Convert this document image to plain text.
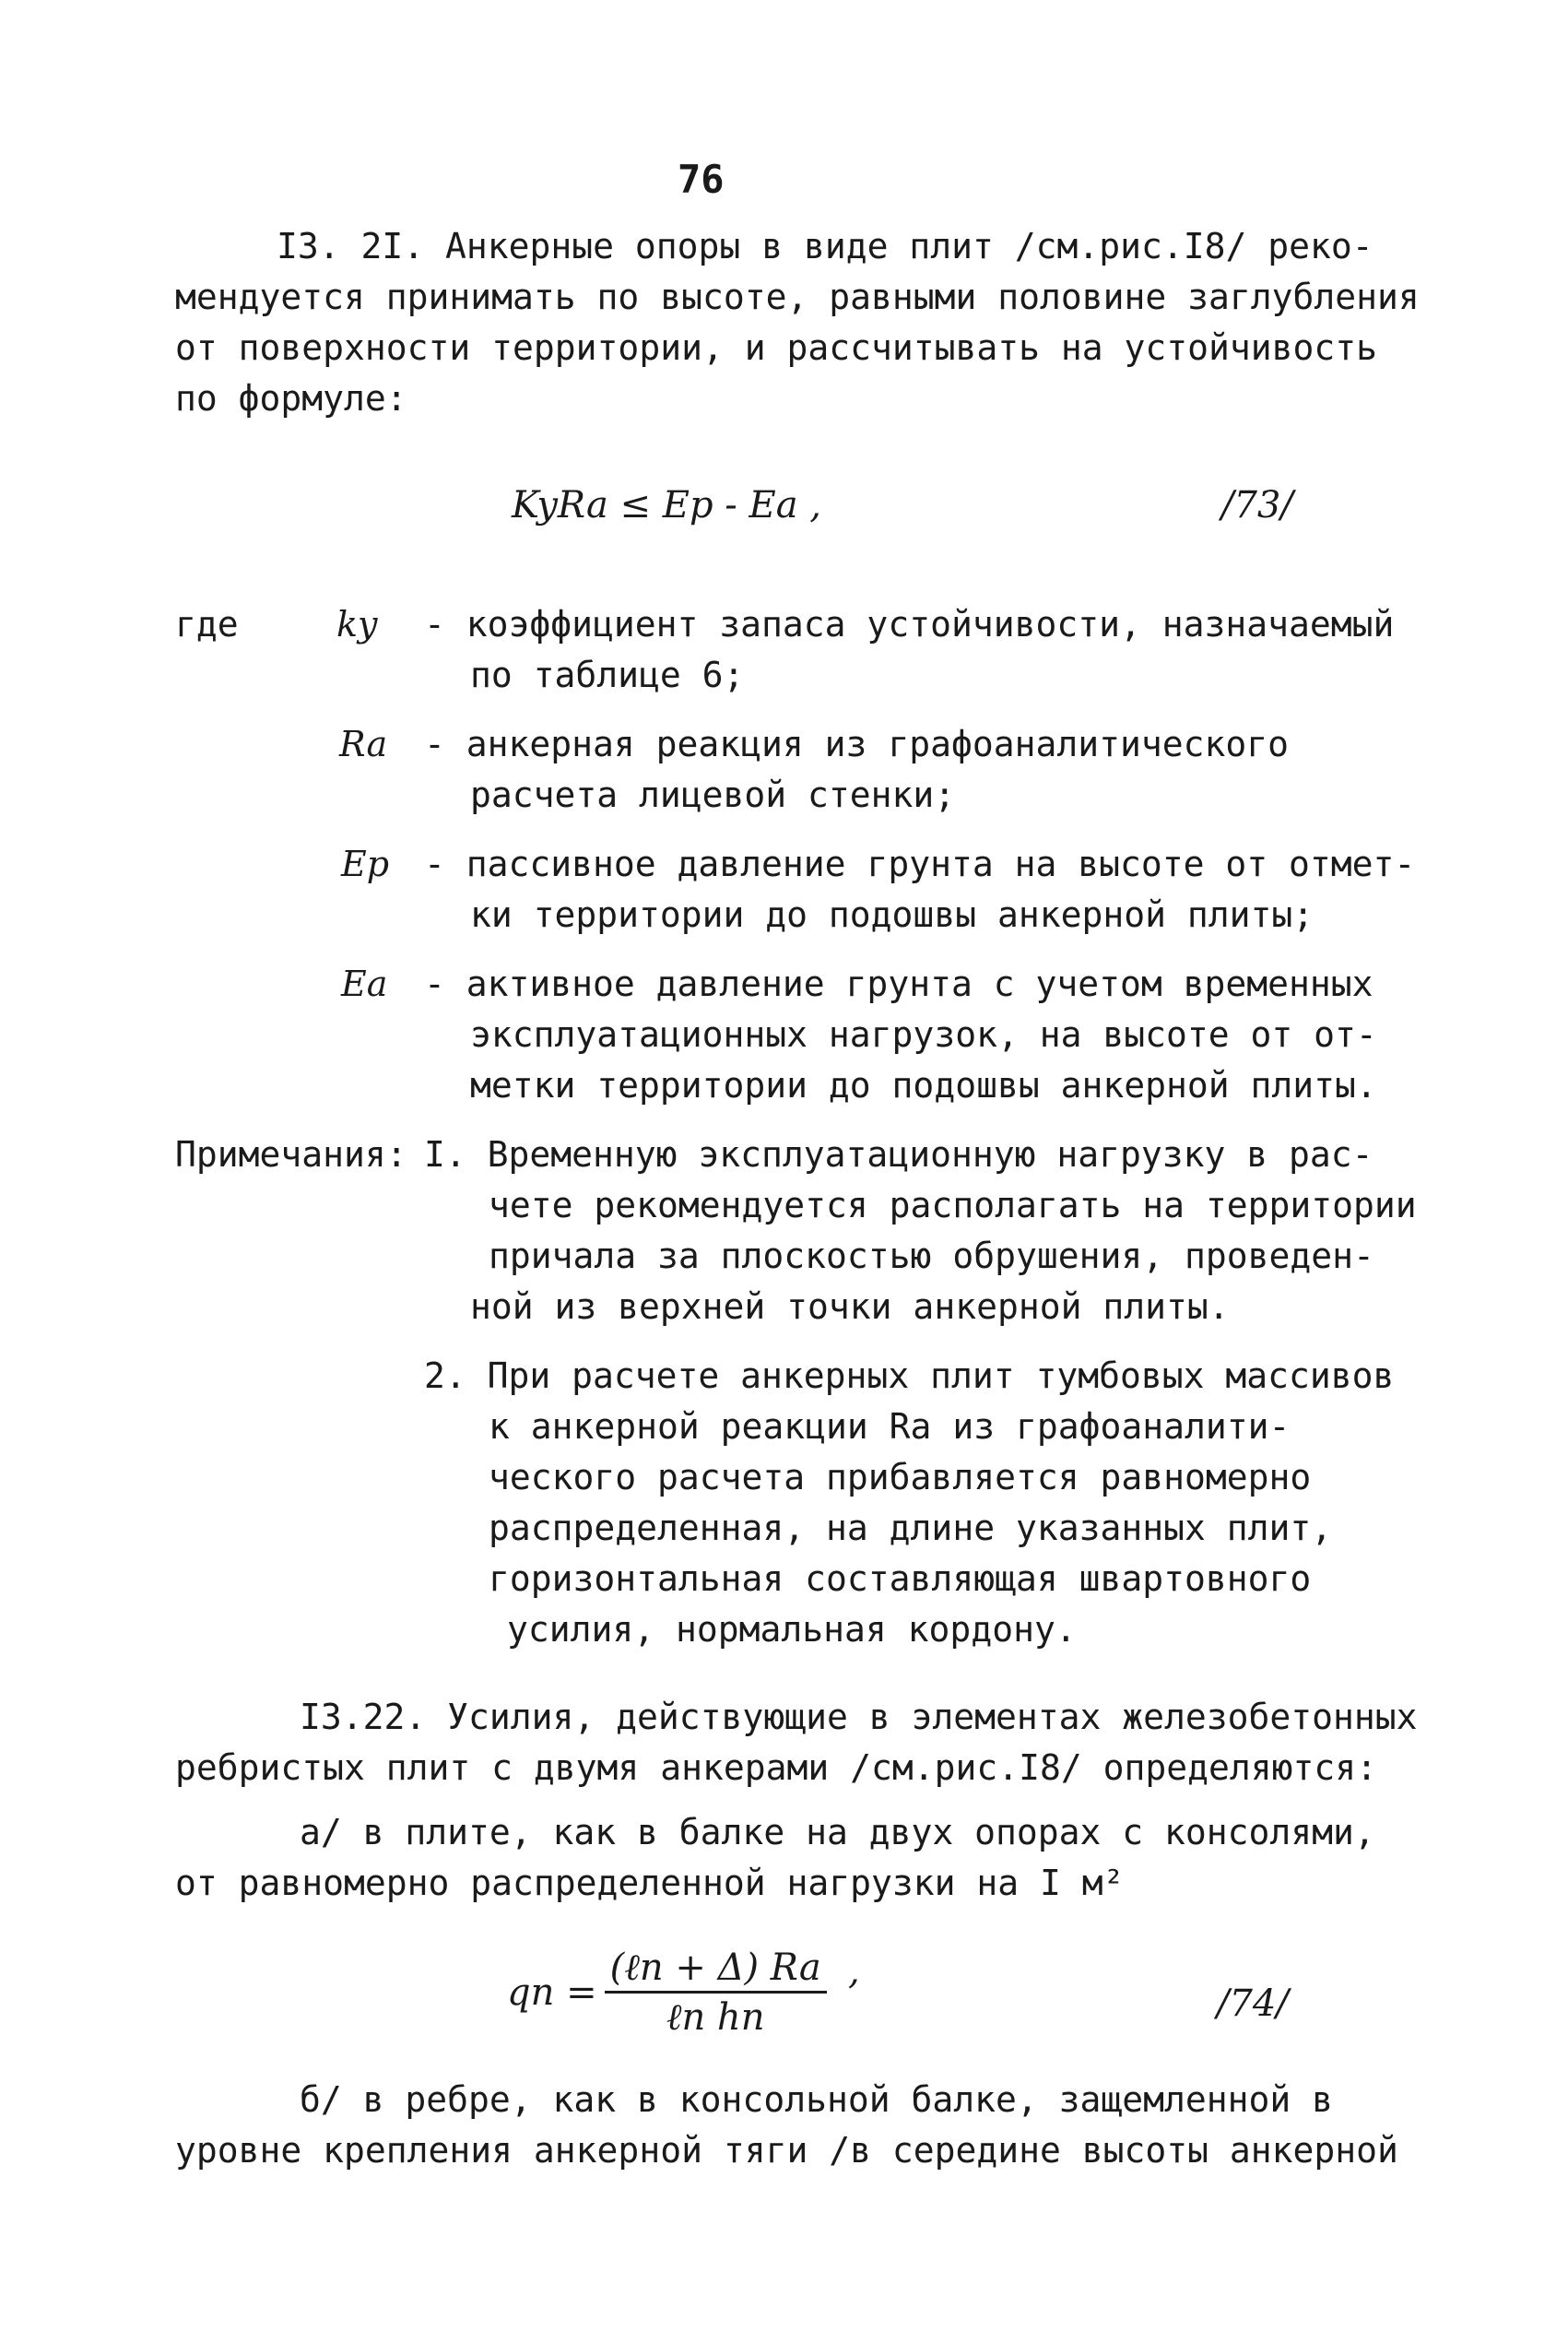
76
I3. 2I. Анкерные опоры в виде плит /см.рис.I8/ реко-
мендуется принимать по высоте, равными половине заглубления
от поверхности территории, и рассчитывать на устойчивость
по формуле:
KyRa ≤ Ep - Ea ,	/73/
где	ky - коэффициент запаса устойчивости, назначаемый
по таблице 6;
Ra - анкерная реакция из графоаналитического
расчета лицевой стенки;
Ep - пассивное давление грунта на высоте от отмет-
ки территории до подошвы анкерной плиты;
Ea - активное давление грунта с учетом временных
эксплуатационных нагрузок, на высоте от от-
метки территории до подошвы анкерной плиты.
Примечания: I. Временную эксплуатационную нагрузку в рас-
чете рекомендуется располагать на территории
причала за плоскостью обрушения, проведен-
ной из верхней точки анкерной плиты.
2. При расчете анкерных плит тумбовых массивов
к анкерной реакции Ra из графоаналити-
ческого расчета прибавляется равномерно
распределенная, на длине указанных плит,
горизонтальная составляющая швартовного
усилия, нормальная кордону.
I3.22. Усилия, действующие в элементах железобетонных
ребристых плит с двумя анкерами /см.рис.I8/ определяются:
а/ в плите, как в балке на двух опорах с консолями,
от равномерно распределенной нагрузки на I м²
qn = $\frac{\text{(ℓn + Δ) Ra}}{\text{ℓn hn}}$ ,
/74/
б/ в ребре, как в консольной балке, защемленной в
уровне крепления анкерной тяги /в середине высоты анкерной
